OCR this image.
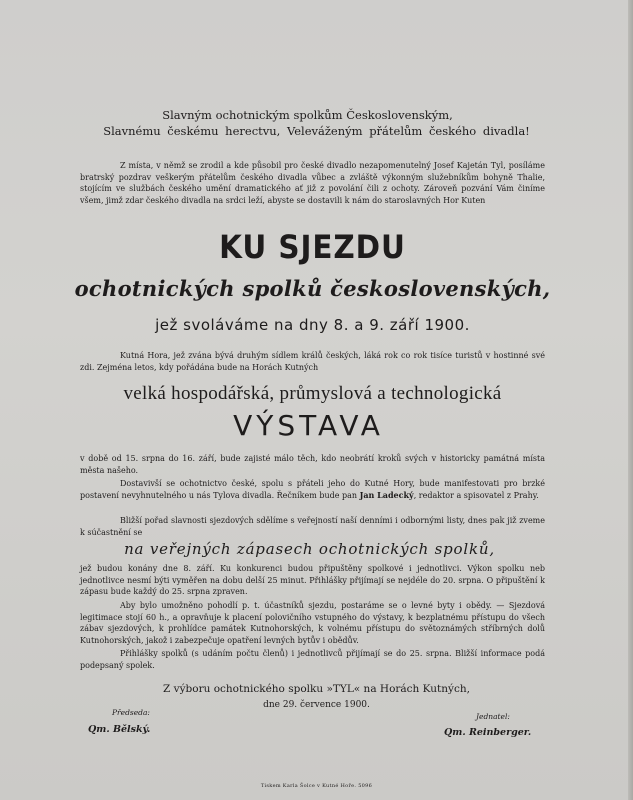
Slavným ochotnickým spolkům Československým,
Slavnému českému herectvu, Veleváženým přátelům českého divadla!
Z místa, v němž se zrodil a kde působil pro české divadlo nezapomenutelný Josef Kajetán Tyl, posíláme bratrský pozdrav veškerým přátelům českého divadla vůbec a zvláště výkonným služebníkům bohyně Thalie, stojícím ve službách českého umění dramatického ať již z povolání čili z ochoty. Zároveň pozvání Vám činíme všem, jimž zdar českého divadla na srdci leží, abyste se dostavili k nám do staroslavných Hor Kuten
KU SJEZDU
ochotnických spolků československých,
jež svoláváme na dny 8. a 9. září 1900.
Kutná Hora, jež zvána bývá druhým sídlem králů českých, láká rok co rok tisíce turistů v hostinné své zdi. Zejména letos, kdy pořádána bude na Horách Kutných
velká hospodářská, průmyslová a technologická
VÝSTAVA
v době od 15. srpna do 16. září, bude zajisté málo těch, kdo neobrátí kroků svých v historicky památná místa města našeho.
Dostavivší se ochotnictvo české, spolu s přáteli jeho do Kutné Hory, bude manifestovati pro brzké postavení nevyhnutelného u nás Tylova divadla. Řečníkem bude pan Jan Ladecký, redaktor a spisovatel z Prahy.
Bližší pořad slavnosti sjezdových sdělíme s veřejností naší denními i odbornými listy, dnes pak již zveme k súčastnění se
na veřejných zápasech ochotnických spolků,
jež budou konány dne 8. září. Ku konkurenci budou připuštěny spolkové i jednotlivci. Výkon spolku neb jednotlivce nesmí býti vyměřen na dobu delší 25 minut. Přihlášky přijímají se nejdéle do 20. srpna. O připuštění k zápasu bude každý do 25. srpna zpraven.
Aby bylo umožněno pohodlí p. t. účastníků sjezdu, postaráme se o levné byty i obědy. — Sjezdová legitimace stojí 60 h., a opravňuje k placení polovičního vstupného do výstavy, k bezplatnému přístupu do všech zábav sjezdových, k prohlídce památek Kutnohorských, k volnému přístupu do světoznámých stříbrných dolů Kutnohorských, jakož i zabezpečuje opatření levných bytův i obědův.
Přihlášky spolků (s udáním počtu členů) i jednotlivců přijímají se do 25. srpna. Bližší informace podá podepsaný spolek.
Z výboru ochotnického spolku »TYL« na Horách Kutných,
dne 29. července 1900.
Předseda:
Qm. Bělský.
Jednatel:
Qm. Reinberger.
Tiskem Karla Šolce v Kutné Hoře. 5096
